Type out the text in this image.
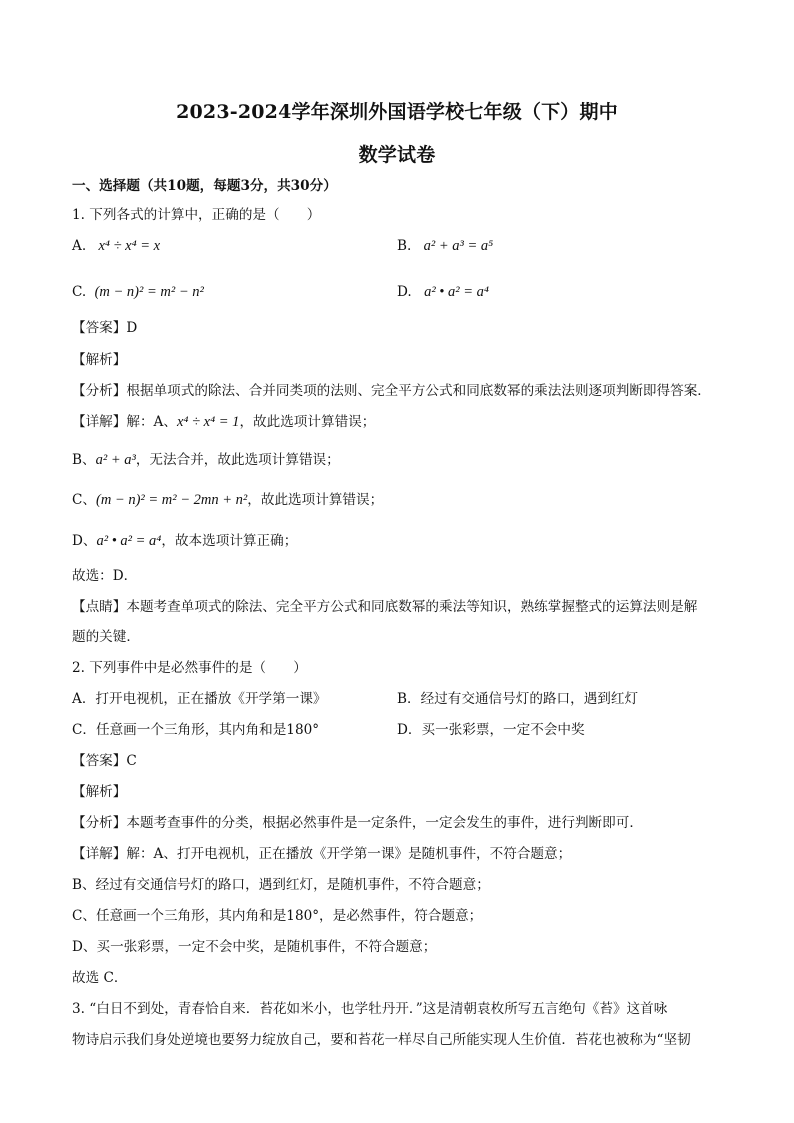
2023-2024学年深圳外国语学校七年级（下）期中
数学试卷
一、选择题（共10题，每题3分，共30分）
1. 下列各式的计算中，正确的是（　　）
A. x⁴ ÷ x⁴ = x	B. a² + a³ = a⁵
C. (m − n)² = m² − n²	D. a² • a² = a⁴
【答案】D
【解析】
【分析】根据单项式的除法、合并同类项的法则、完全平方公式和同底数幂的乘法法则逐项判断即得答案．
【详解】解：A、x⁴ ÷ x⁴ = 1，故此选项计算错误；
B、a² + a³，无法合并，故此选项计算错误；
C、(m − n)² = m² − 2mn + n²，故此选项计算错误；
D、a² • a² = a⁴，故本选项计算正确；
故选：D．
【点睛】本题考查单项式的除法、完全平方公式和同底数幂的乘法等知识，熟练掌握整式的运算法则是解
题的关键．
2. 下列事件中是必然事件的是（　　）
A．打开电视机，正在播放《开学第一课》	B．经过有交通信号灯的路口，遇到红灯
C．任意画一个三角形，其内角和是180°	D．买一张彩票，一定不会中奖
【答案】C
【解析】
【分析】本题考查事件的分类，根据必然事件是一定条件，一定会发生的事件，进行判断即可．
【详解】解：A、打开电视机，正在播放《开学第一课》是随机事件，不符合题意；
B、经过有交通信号灯的路口，遇到红灯，是随机事件，不符合题意；
C、任意画一个三角形，其内角和是180°，是必然事件，符合题意；
D、买一张彩票，一定不会中奖，是随机事件，不符合题意；
故选 C．
3. “白日不到处，青春恰自来．苔花如米小，也学牡丹开．”这是清朝袁枚所写五言绝句《苔》这首咏
物诗启示我们身处逆境也要努力绽放自己，要和苔花一样尽自己所能实现人生价值．苔花也被称为“坚韧
